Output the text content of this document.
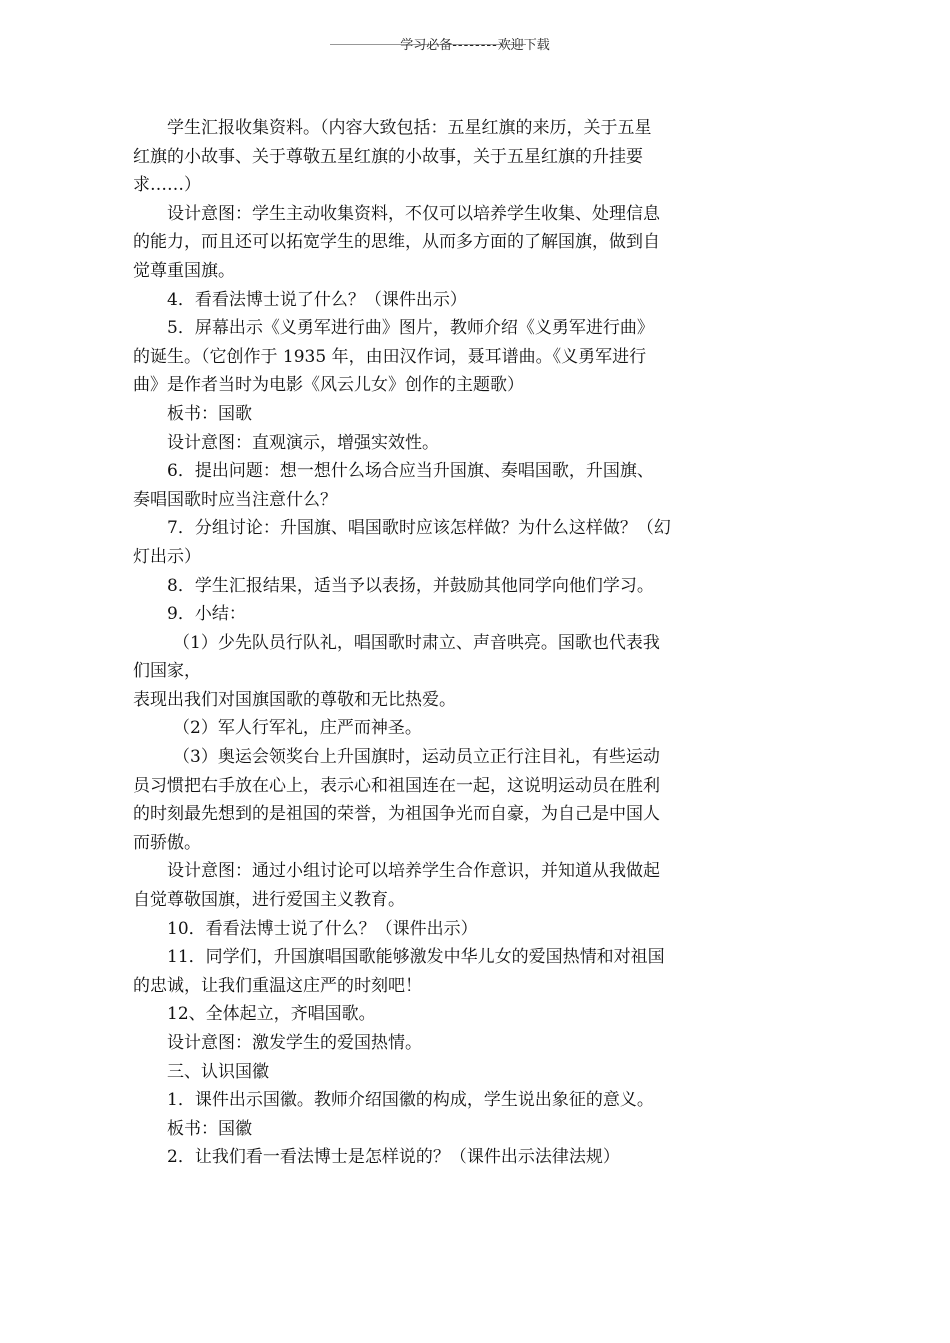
学习必备--------欢迎下载
学生汇报收集资料。（内容大致包括：五星红旗的来历，关于五星
红旗的小故事、关于尊敬五星红旗的小故事，关于五星红旗的升挂要
求……）
设计意图：学生主动收集资料，不仅可以培养学生收集、处理信息
的能力，而且还可以拓宽学生的思维，从而多方面的了解国旗，做到自
觉尊重国旗。
4．看看法博士说了什么？（课件出示）
5．屏幕出示《义勇军进行曲》图片，教师介绍《义勇军进行曲》
的诞生。（它创作于 1935 年，由田汉作词，聂耳谱曲。《义勇军进行
曲》是作者当时为电影《风云儿女》创作的主题歌）
板书：国歌
设计意图：直观演示，增强实效性。
6．提出问题：想一想什么场合应当升国旗、奏唱国歌，升国旗、
奏唱国歌时应当注意什么？
7．分组讨论：升国旗、唱国歌时应该怎样做？为什么这样做？（幻
灯出示）
8．学生汇报结果，适当予以表扬，并鼓励其他同学向他们学习。
9．小结：
（1）少先队员行队礼，唱国歌时肃立、声音哄亮。国歌也代表我
们国家，
表现出我们对国旗国歌的尊敬和无比热爱。
（2）军人行军礼，庄严而神圣。
（3）奥运会领奖台上升国旗时，运动员立正行注目礼，有些运动
员习惯把右手放在心上，表示心和祖国连在一起，这说明运动员在胜利
的时刻最先想到的是祖国的荣誉，为祖国争光而自豪，为自己是中国人
而骄傲。
设计意图：通过小组讨论可以培养学生合作意识，并知道从我做起
自觉尊敬国旗，进行爱国主义教育。
10．看看法博士说了什么？（课件出示）
11．同学们，升国旗唱国歌能够激发中华儿女的爱国热情和对祖国
的忠诚，让我们重温这庄严的时刻吧！
12、全体起立，齐唱国歌。
设计意图：激发学生的爱国热情。
三、认识国徽
1．课件出示国徽。教师介绍国徽的构成，学生说出象征的意义。
板书：国徽
2．让我们看一看法博士是怎样说的？（课件出示法律法规）
